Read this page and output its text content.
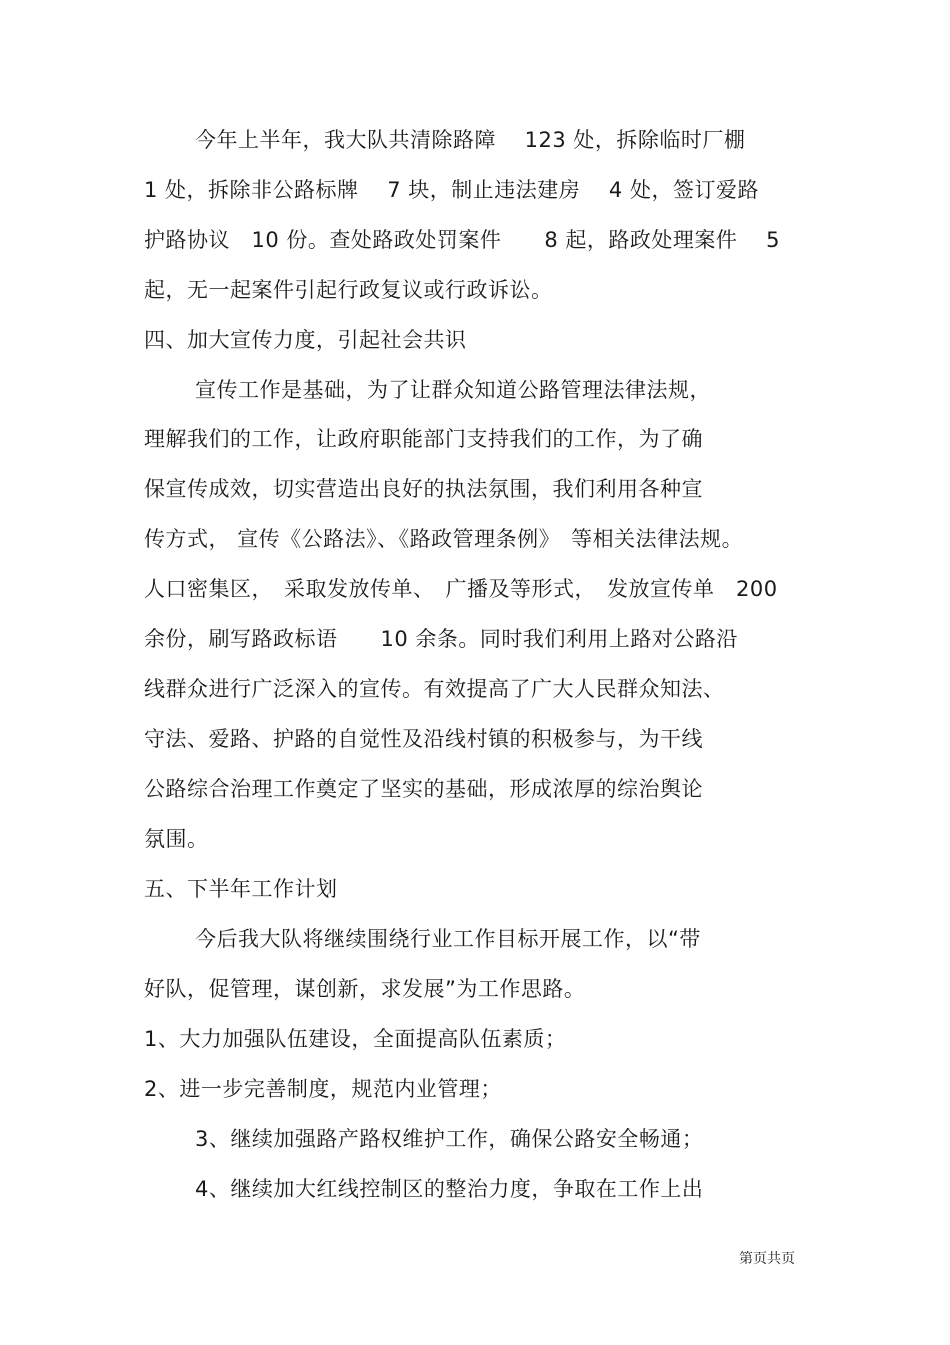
今年上半年，我大队共清除路障　 123 处，拆除临时厂棚
1 处，拆除非公路标牌　 7 块，制止违法建房　 4 处，签订爱路
护路协议　10 份。查处路政处罚案件　　8 起，路政处理案件　 5
起，无一起案件引起行政复议或行政诉讼。
四、加大宣传力度，引起社会共识
宣传工作是基础，为了让群众知道公路管理法律法规，
理解我们的工作，让政府职能部门支持我们的工作，为了确
保宣传成效，切实营造出良好的执法氛围，我们利用各种宣
传方式， 宣传《公路法》、《路政管理条例》　等相关法律法规。
人口密集区，　采取发放传单、　广播及等形式，　发放宣传单　200
余份，刷写路政标语　　10 余条。同时我们利用上路对公路沿
线群众进行广泛深入的宣传。有效提高了广大人民群众知法、
守法、爱路、护路的自觉性及沿线村镇的积极参与，为干线
公路综合治理工作奠定了坚实的基础，形成浓厚的综治舆论
氛围。
五、下半年工作计划
今后我大队将继续围绕行业工作目标开展工作，以“带
好队，促管理，谋创新，求发展”为工作思路。
1、大力加强队伍建设，全面提高队伍素质；
2、进一步完善制度，规范内业管理；
3、继续加强路产路权维护工作，确保公路安全畅通；
4、继续加大红线控制区的整治力度，争取在工作上出
第页共页
